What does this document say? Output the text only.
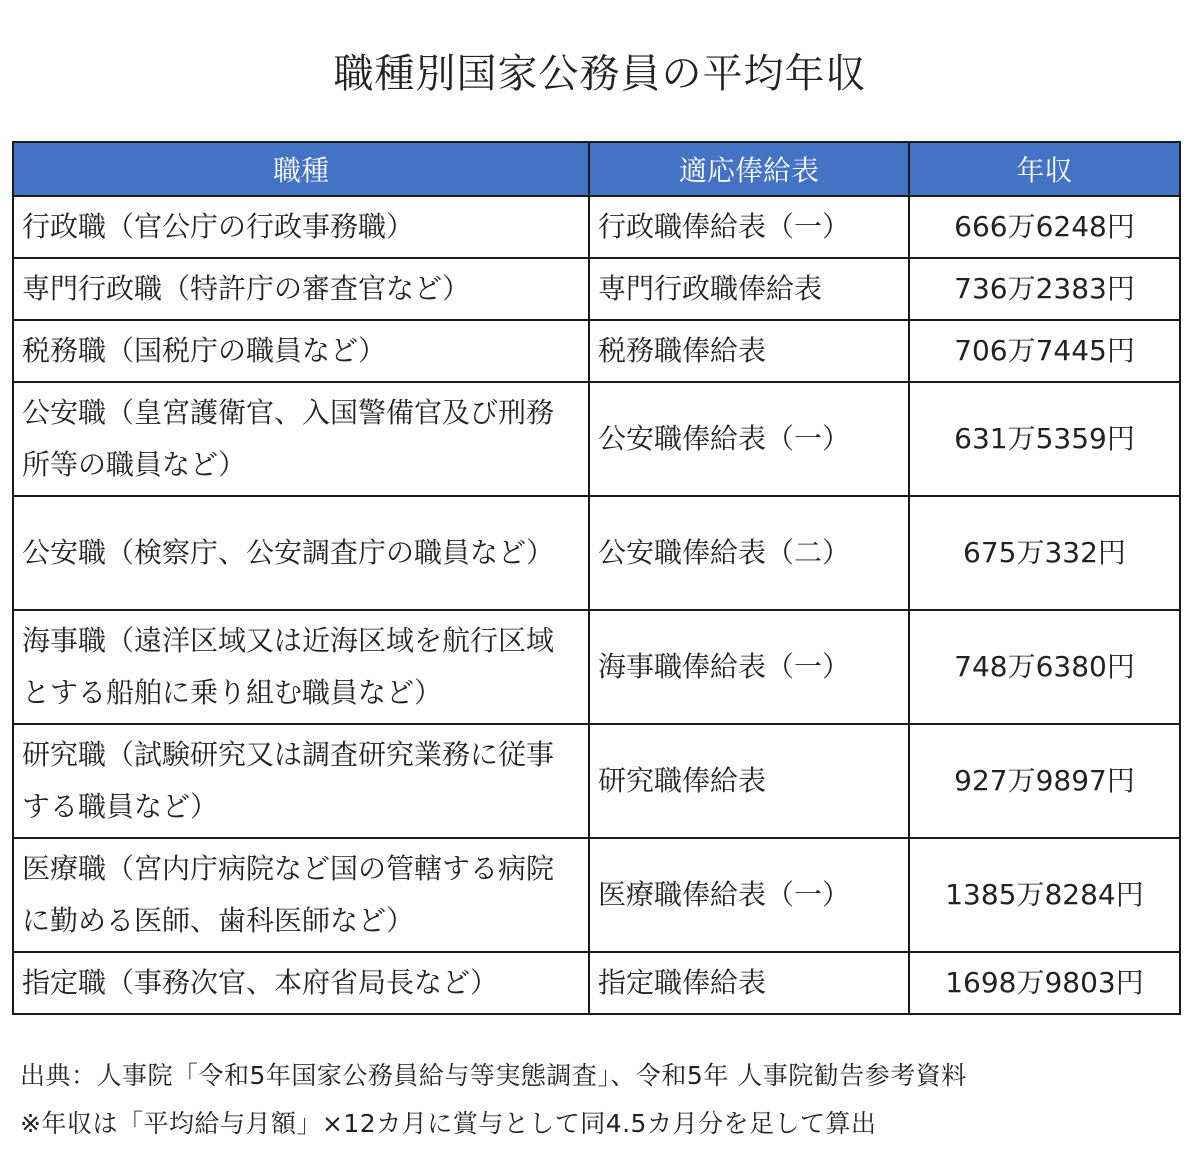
職種別国家公務員の平均年収
職種	適応俸給表	年収
行政職（官公庁の行政事務職）	行政職俸給表（一）	666万6248円
専門行政職（特許庁の審査官など）	専門行政職俸給表	736万2383円
税務職（国税庁の職員など）	税務職俸給表	706万7445円
公安職（皇宮護衛官、入国警備官及び刑務所等の職員など）	公安職俸給表（一）	631万5359円
公安職（検察庁、公安調査庁の職員など）	公安職俸給表（二）	675万332円
海事職（遠洋区域又は近海区域を航行区域とする船舶に乗り組む職員など）	海事職俸給表（一）	748万6380円
研究職（試験研究又は調査研究業務に従事する職員など）	研究職俸給表	927万9897円
医療職（宮内庁病院など国の管轄する病院に勤める医師、歯科医師など）	医療職俸給表（一）	1385万8284円
指定職（事務次官、本府省局長など）	指定職俸給表	1698万9803円
出典：人事院「令和5年国家公務員給与等実態調査」、令和5年 人事院勧告参考資料
※年収は「平均給与月額」×12カ月に賞与として同4.5カ月分を足して算出
